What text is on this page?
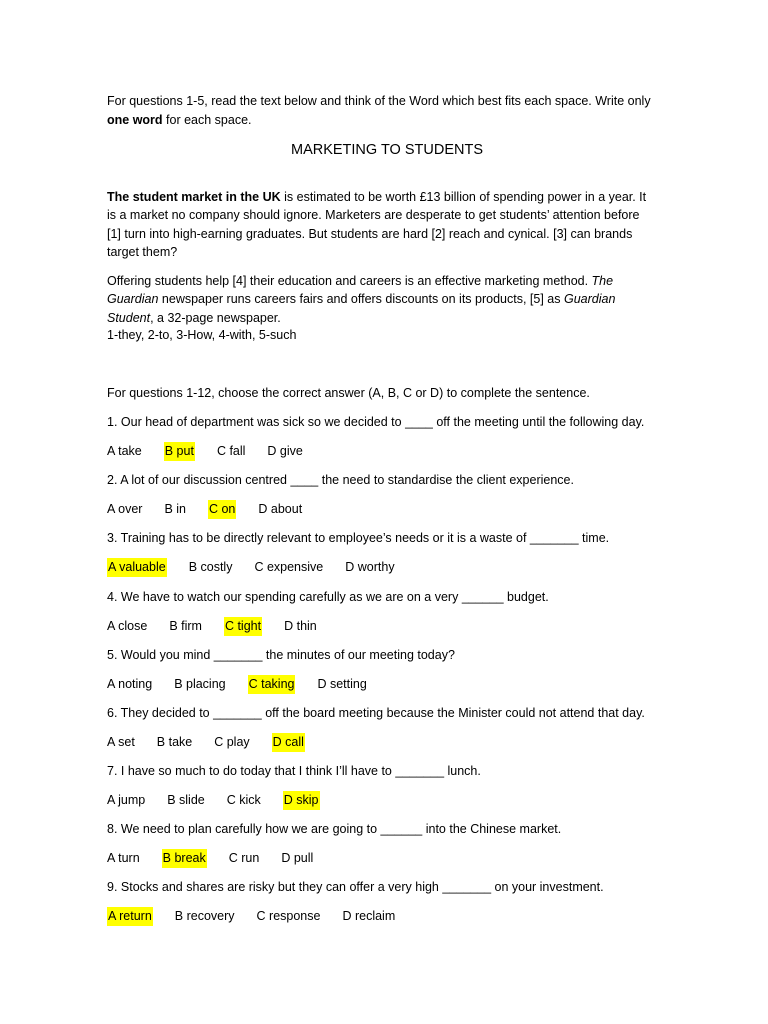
For questions 1-5, read the text below and think of the Word which best fits each space. Write only

one word for each space.

MARKETING TO STUDENTS

The student market in the UK is estimated to be worth £13 billion of spending power in a year. It is a market no company should ignore. Marketers are desperate to get students’ attention before [1] turn into high-earning graduates. But students are hard [2] reach and cynical. [3] can brands target them?

Offering students help [4] their education and careers is an effective marketing method. The Guardian newspaper runs careers fairs and offers discounts on its products, [5] as Guardian Student, a 32-page newspaper.

1-they, 2-to, 3-How, 4-with, 5-such

For questions 1-12, choose the correct answer (A, B, C or D) to complete the sentence.

1. Our head of department was sick so we decided to ____ off the meeting until the following day.

A take B put C fall D give

2. A lot of our discussion centred ____ the need to standardise the client experience.

A over B in C on D about

3. Training has to be directly relevant to employee’s needs or it is a waste of _______ time.

A valuable B costly C expensive D worthy

4. We have to watch our spending carefully as we are on a very ______ budget.

A close B firm C tight D thin

5. Would you mind _______ the minutes of our meeting today?

A noting B placing C taking D setting

6. They decided to _______ off the board meeting because the Minister could not attend that day.

A set B take C play D call

7. I have so much to do today that I think I’ll have to _______ lunch.

A jump B slide C kick D skip

8. We need to plan carefully how we are going to ______ into the Chinese market.

A turn B break C run D pull

9. Stocks and shares are risky but they can offer a very high _______ on your investment.

A return B recovery C response D reclaim
